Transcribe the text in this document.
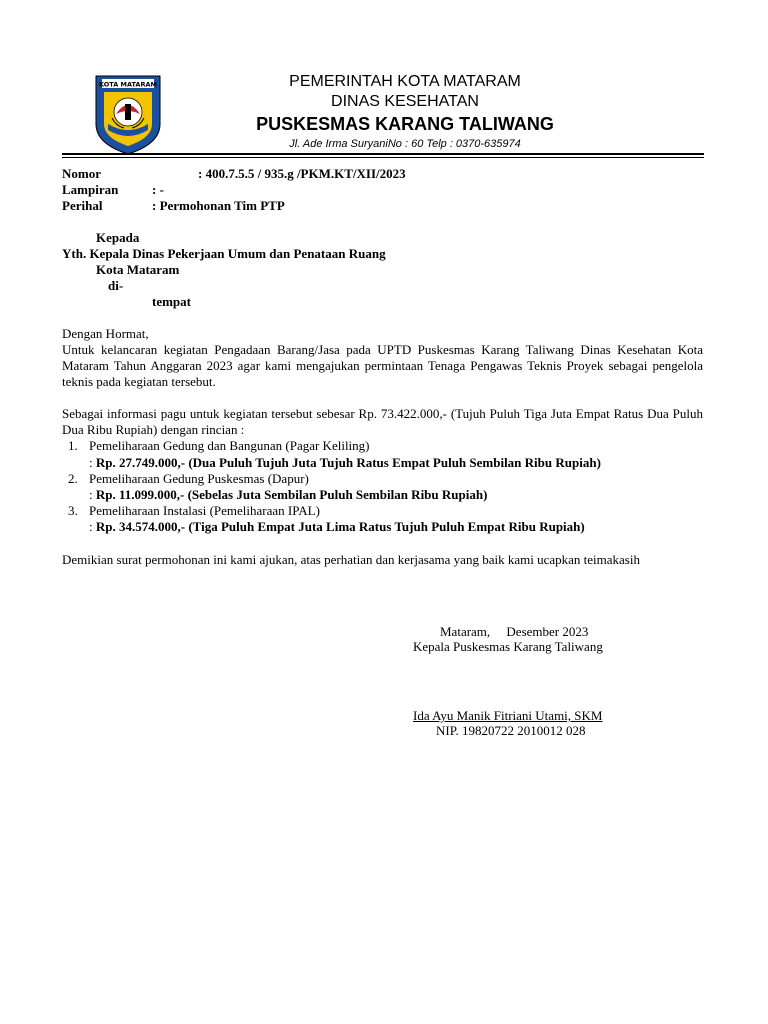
KOTA MATARAM	PEMERINTAH KOTA MATARAM
DINAS KESEHATAN
PUSKESMAS KARANG TALIWANG
Jl. Ade Irma SuryaniNo : 60 Telp : 0370-635974
Nomor	: 400.7.5.5 / 935.g /PKM.KT/XII/2023
Lampiran	: -
Perihal	: Permohonan Tim PTP
Kepada
Yth. Kepala Dinas Pekerjaan Umum dan Penataan Ruang
Kota Mataram
di-
tempat
Dengan Hormat,
Untuk kelancaran kegiatan Pengadaan Barang/Jasa pada UPTD Puskesmas Karang Taliwang Dinas Kesehatan Kota Mataram Tahun Anggaran 2023 agar kami mengajukan permintaan Tenaga Pengawas Teknis Proyek sebagai pengelola teknis pada kegiatan tersebut.
Sebagai informasi pagu untuk kegiatan tersebut sebesar Rp. 73.422.000,- (Tujuh Puluh Tiga Juta Empat Ratus Dua Puluh Dua Ribu Rupiah) dengan rincian :
1. Pemeliharaan Gedung dan Bangunan (Pagar Keliling)
: Rp. 27.749.000,- (Dua Puluh Tujuh Juta Tujuh Ratus Empat Puluh Sembilan Ribu Rupiah)
2. Pemeliharaan Gedung Puskesmas (Dapur)
: Rp. 11.099.000,- (Sebelas Juta Sembilan Puluh Sembilan Ribu Rupiah)
3. Pemeliharaan Instalasi (Pemeliharaan IPAL)
: Rp. 34.574.000,- (Tiga Puluh Empat Juta Lima Ratus Tujuh Puluh Empat Ribu Rupiah)
Demikian surat permohonan ini kami ajukan, atas perhatian dan kerjasama yang baik kami ucapkan teimakasih
Mataram,     Desember 2023
Kepala Puskesmas Karang Taliwang
Ida Ayu Manik Fitriani Utami, SKM
NIP. 19820722 2010012 028
